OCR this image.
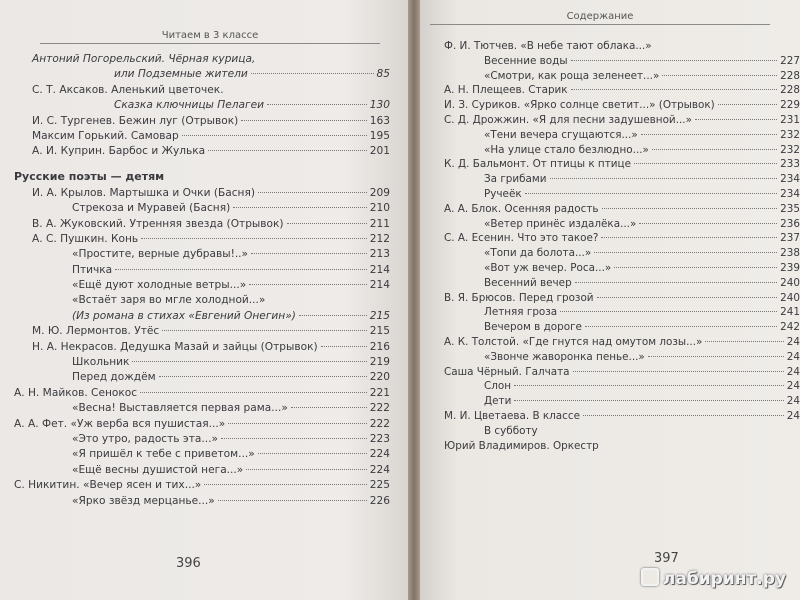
Читаем в 3 классе
Антоний Погорельский. Чёрная курица,
или Подземные жители	85
С. Т. Аксаков. Аленький цветочек.
Сказка ключницы Пелагеи	130
И. С. Тургенев. Бежин луг (Отрывок)	163
Максим Горький. Самовар	195
А. И. Куприн. Барбос и Жулька	201
Русские поэты — детям
И. А. Крылов. Мартышка и Очки (Басня)	209
Стрекоза и Муравей (Басня)	210
В. А. Жуковский. Утренняя звезда (Отрывок)	211
А. С. Пушкин. Конь	212
«Простите, верные дубравы!..»	213
Птичка	214
«Ещё дуют холодные ветры...»	214
«Встаёт заря во мгле холодной...»
(Из романа в стихах «Евгений Онегин»)	215
М. Ю. Лермонтов. Утёс	215
Н. А. Некрасов. Дедушка Мазай и зайцы (Отрывок)	216
Школьник	219
Перед дождём	220
А. Н. Майков. Сенокос	221
«Весна! Выставляется первая рама...»	222
А. А. Фет. «Уж верба вся пушистая...»	222
«Это утро, радость эта...»	223
«Я пришёл к тебе с приветом...»	224
«Ещё весны душистой нега...»	224
С. Никитин. «Вечер ясен и тих...»	225
«Ярко звёзд мерцанье...»	226
396
Содержание
Ф. И. Тютчев. «В небе тают облака...»
Весенние воды	227
«Смотри, как роща зеленеет...»	228
А. Н. Плещеев. Старик	228
И. З. Суриков. «Ярко солнце светит...» (Отрывок)	229
С. Д. Дрожжин. «Я для песни задушевной...»	231
«Тени вечера сгущаются...»	232
«На улице стало безлюдно...»	232
К. Д. Бальмонт. От птицы к птице	233
За грибами	234
Ручеёк	234
А. А. Блок. Осенняя радость	235
«Ветер принёс издалёка...»	236
С. А. Есенин. Что это такое?	237
«Топи да болота...»	238
«Вот уж вечер. Роса...»	239
Весенний вечер	240
В. Я. Брюсов. Перед грозой	240
Летняя гроза	241
Вечером в дороге	242
А. К. Толстой. «Где гнутся над омутом лозы...»	24
«Звонче жаворонка пенье...»	24
Саша Чёрный. Галчата	24
Слон	24
Дети	24
М. И. Цветаева. В классе	24
В субботу
Юрий Владимиров. Оркестр
397
лабиринт.ру
